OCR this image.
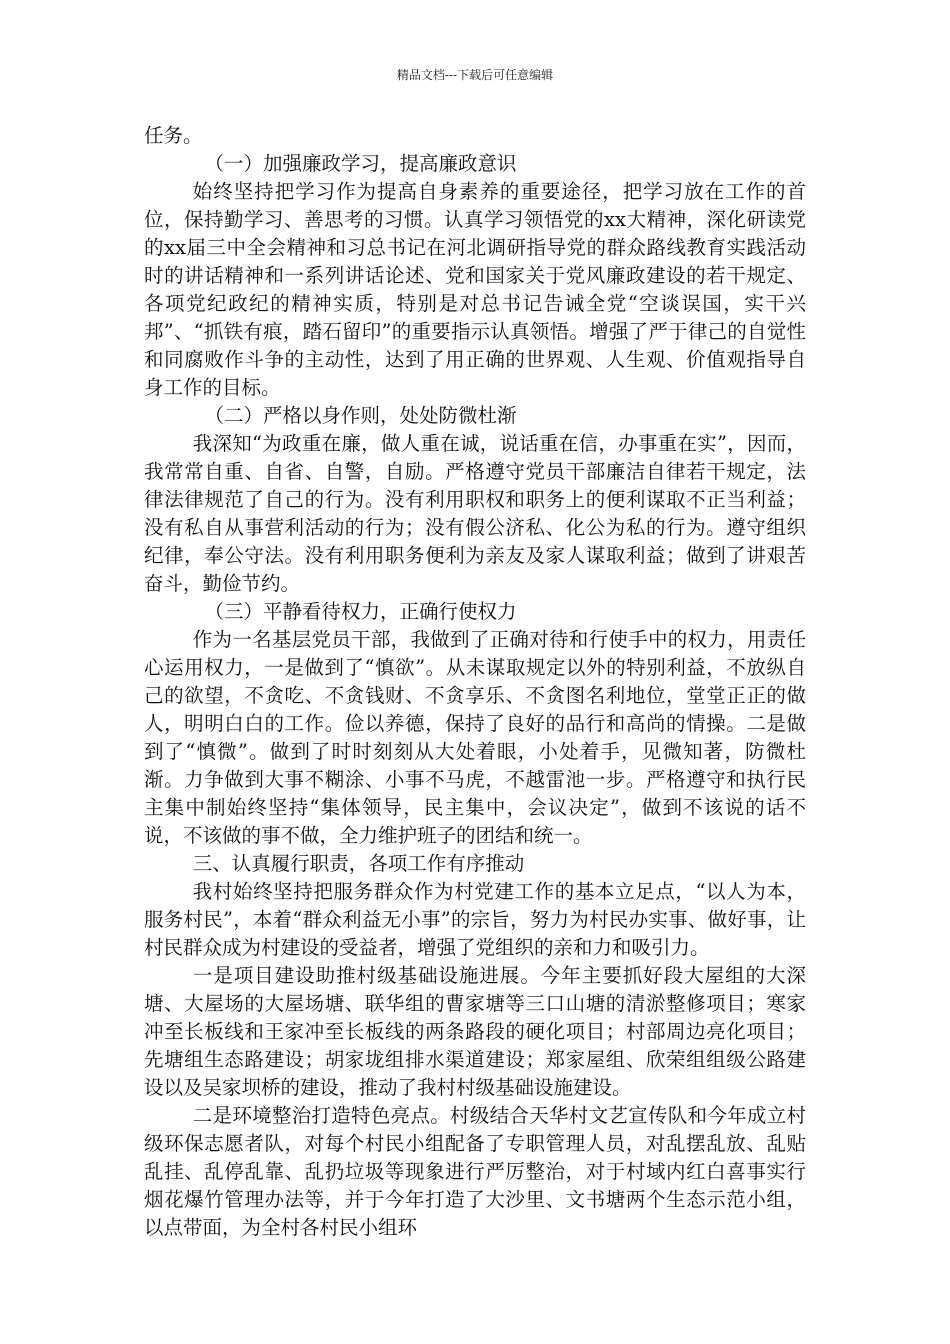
精品文档---下载后可任意编辑

任务。

（一）加强廉政学习，提高廉政意识

始终坚持把学习作为提高自身素养的重要途径，把学习放在工作的首位，保持勤学习、善思考的习惯。认真学习领悟党的xx大精神，深化研读党的xx届三中全会精神和习总书记在河北调研指导党的群众路线教育实践活动时的讲话精神和一系列讲话论述、党和国家关于党风廉政建设的若干规定、各项党纪政纪的精神实质，特别是对总书记告诫全党“空谈误国，实干兴邦”、“抓铁有痕，踏石留印”的重要指示认真领悟。增强了严于律己的自觉性和同腐败作斗争的主动性，达到了用正确的世界观、人生观、价值观指导自身工作的目标。

（二）严格以身作则，处处防微杜渐

我深知“为政重在廉，做人重在诚，说话重在信，办事重在实”，因而，我常常自重、自省、自警，自励。严格遵守党员干部廉洁自律若干规定，法律法律规范了自己的行为。没有利用职权和职务上的便利谋取不正当利益；没有私自从事营利活动的行为；没有假公济私、化公为私的行为。遵守组织纪律，奉公守法。没有利用职务便利为亲友及家人谋取利益；做到了讲艰苦奋斗，勤俭节约。

（三）平静看待权力，正确行使权力

作为一名基层党员干部，我做到了正确对待和行使手中的权力，用责任心运用权力，一是做到了“慎欲”。从未谋取规定以外的特别利益，不放纵自己的欲望，不贪吃、不贪钱财、不贪享乐、不贪图名利地位，堂堂正正的做人，明明白白的工作。俭以养德，保持了良好的品行和高尚的情操。二是做到了“慎微”。做到了时时刻刻从大处着眼，小处着手，见微知著，防微杜渐。力争做到大事不糊涂、小事不马虎，不越雷池一步。严格遵守和执行民主集中制始终坚持“集体领导，民主集中，会议决定”，做到不该说的话不说，不该做的事不做，全力维护班子的团结和统一。

三、认真履行职责，各项工作有序推动

我村始终坚持把服务群众作为村党建工作的基本立足点，“以人为本，服务村民”，本着“群众利益无小事”的宗旨，努力为村民办实事、做好事，让村民群众成为村建设的受益者，增强了党组织的亲和力和吸引力。

一是项目建设助推村级基础设施进展。今年主要抓好段大屋组的大深塘、大屋场的大屋场塘、联华组的曹家塘等三口山塘的清淤整修项目；寒家冲至长板线和王家冲至长板线的两条路段的硬化项目；村部周边亮化项目；先塘组生态路建设；胡家垅组排水渠道建设；郑家屋组、欣荣组组级公路建设以及吴家坝桥的建设，推动了我村村级基础设施建设。

二是环境整治打造特色亮点。村级结合天华村文艺宣传队和今年成立村级环保志愿者队，对每个村民小组配备了专职管理人员，对乱摆乱放、乱贴乱挂、乱停乱靠、乱扔垃圾等现象进行严厉整治，对于村域内红白喜事实行烟花爆竹管理办法等，并于今年打造了大沙里、文书塘两个生态示范小组，以点带面，为全村各村民小组环
